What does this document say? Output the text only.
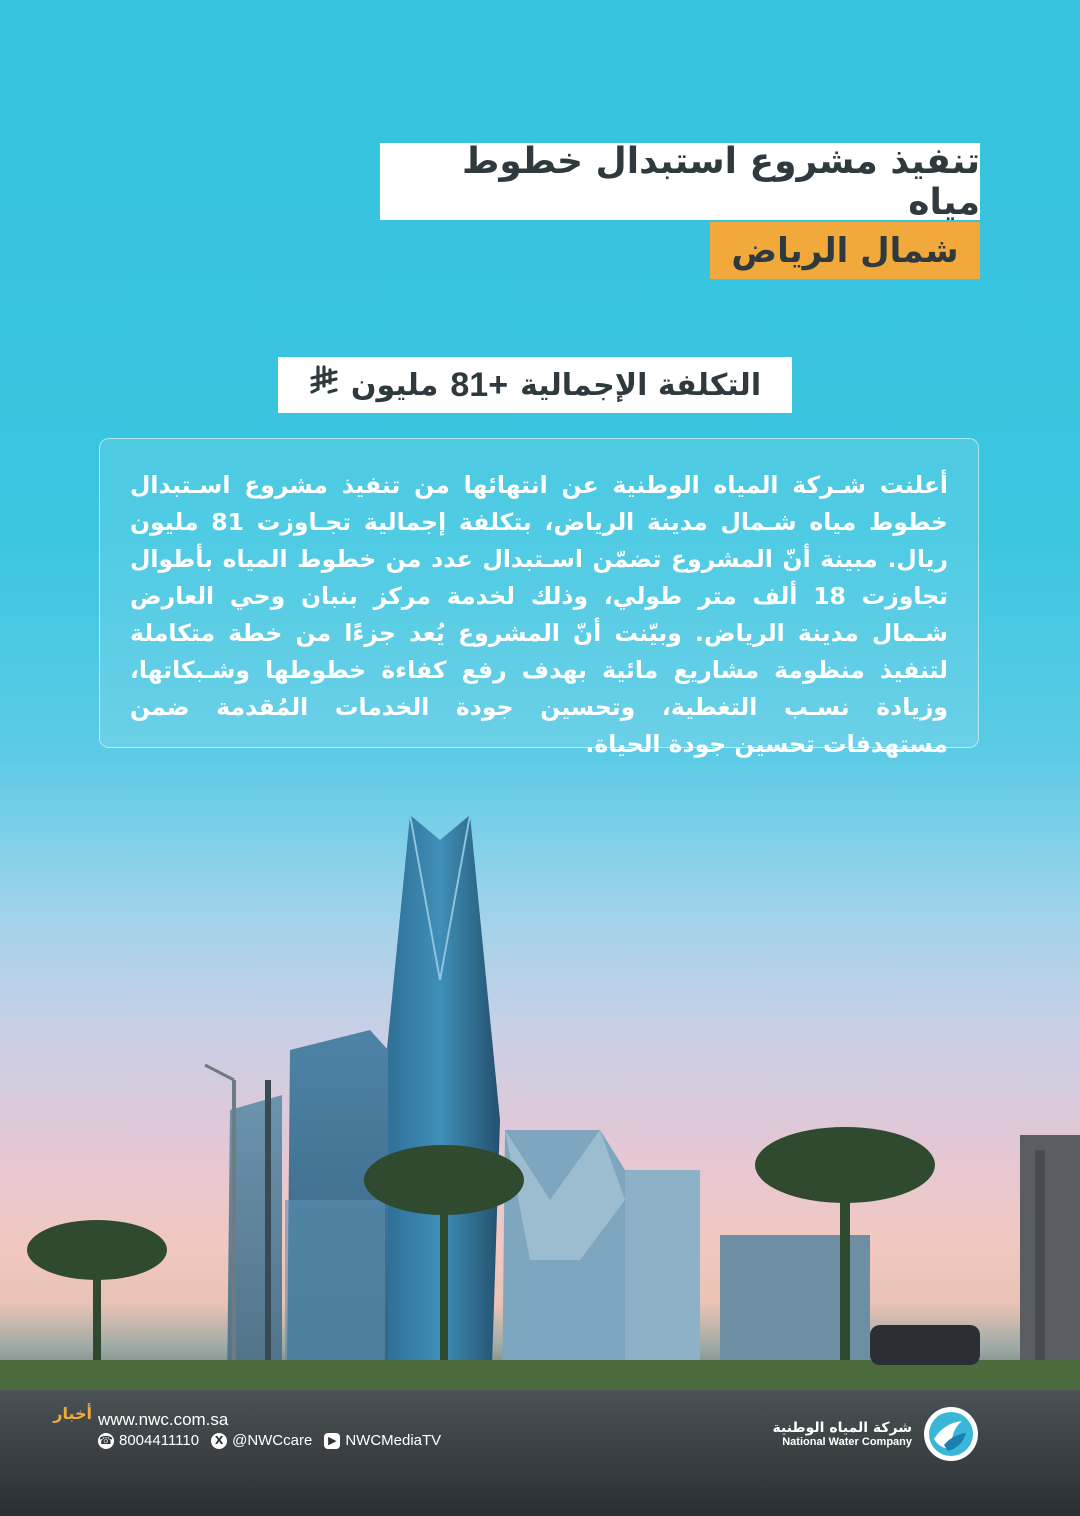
تنفيذ مشروع استبدال خطوط مياه
شمال الرياض
التكلفة الإجمالية
81+
مليون
أعلنت شـركة المياه الوطنية عن انتهائها من تنفيذ مشروع اسـتبدال خطوط مياه شـمال مدينة الرياض، بتكلفة إجمالية تجـاوزت 81 مليون ريال. مبينة أنّ المشروع تضمّن اسـتبدال عدد من خطوط المياه بأطوال تجاوزت 18 ألف متر طولي، وذلك لخدمة مركز بنبان وحي العارض شـمال مدينة الرياض. وبيّنت أنّ المشروع يُعد جزءًا من خطة متكاملة لتنفيذ منظومة مشاريع مائية بهدف رفع كفاءة خطوطها وشـبكاتها، وزيادة نسـب التغطية، وتحسين جودة الخدمات المُقدمة ضمن مستهدفات تحسين جودة الحياة.
www.nwc.com.sa
☎ 8004411110	X @NWCcare	▶ NWCMediaTV
أخبار
شركة المياه الوطنية
National Water Company
